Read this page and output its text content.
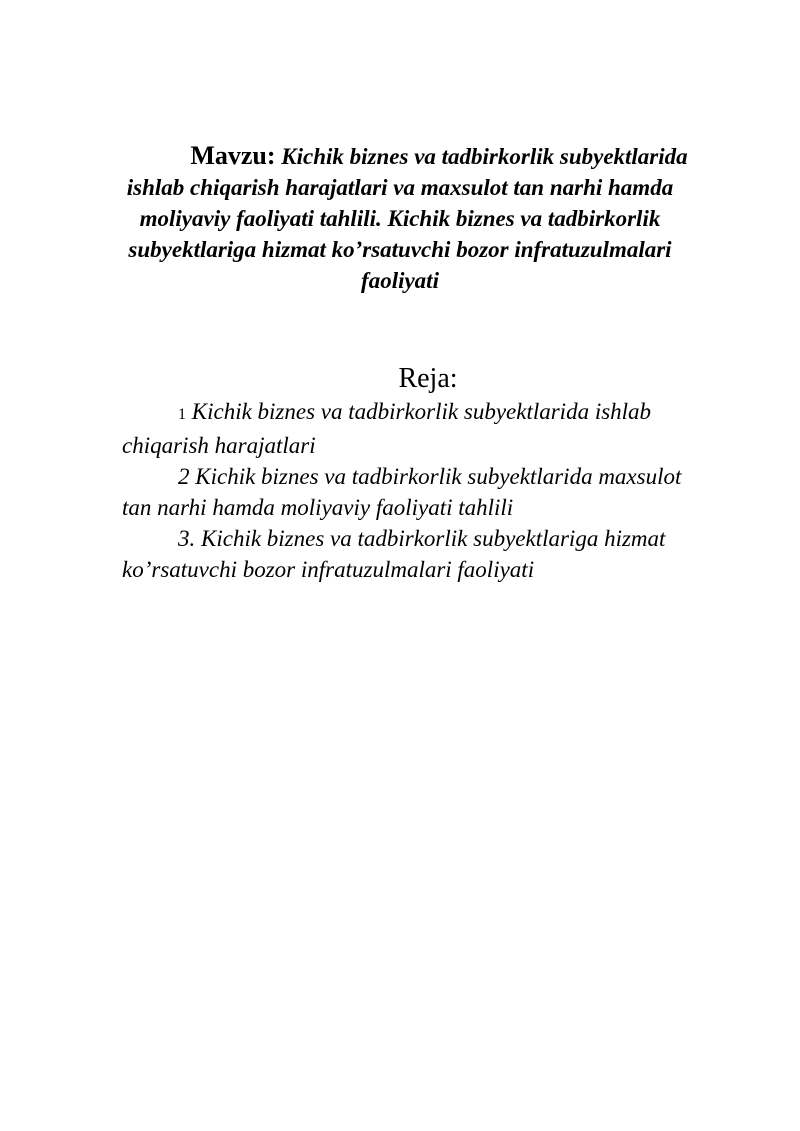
Mavzu: Kichik biznes va tadbirkorlik subyektlarida ishlab chiqarish harajatlari va maxsulot tan narhi hamda moliyaviy faoliyati tahlili. Kichik biznes va tadbirkorlik subyektlariga hizmat ko’rsatuvchi bozor infratuzulmalari faoliyati
Reja:
1 Kichik biznes va tadbirkorlik subyektlarida ishlab chiqarish harajatlari
2 Kichik biznes va tadbirkorlik subyektlarida maxsulot tan narhi hamda moliyaviy faoliyati tahlili
3. Kichik biznes va tadbirkorlik subyektlariga hizmat ko’rsatuvchi bozor infratuzulmalari faoliyati
